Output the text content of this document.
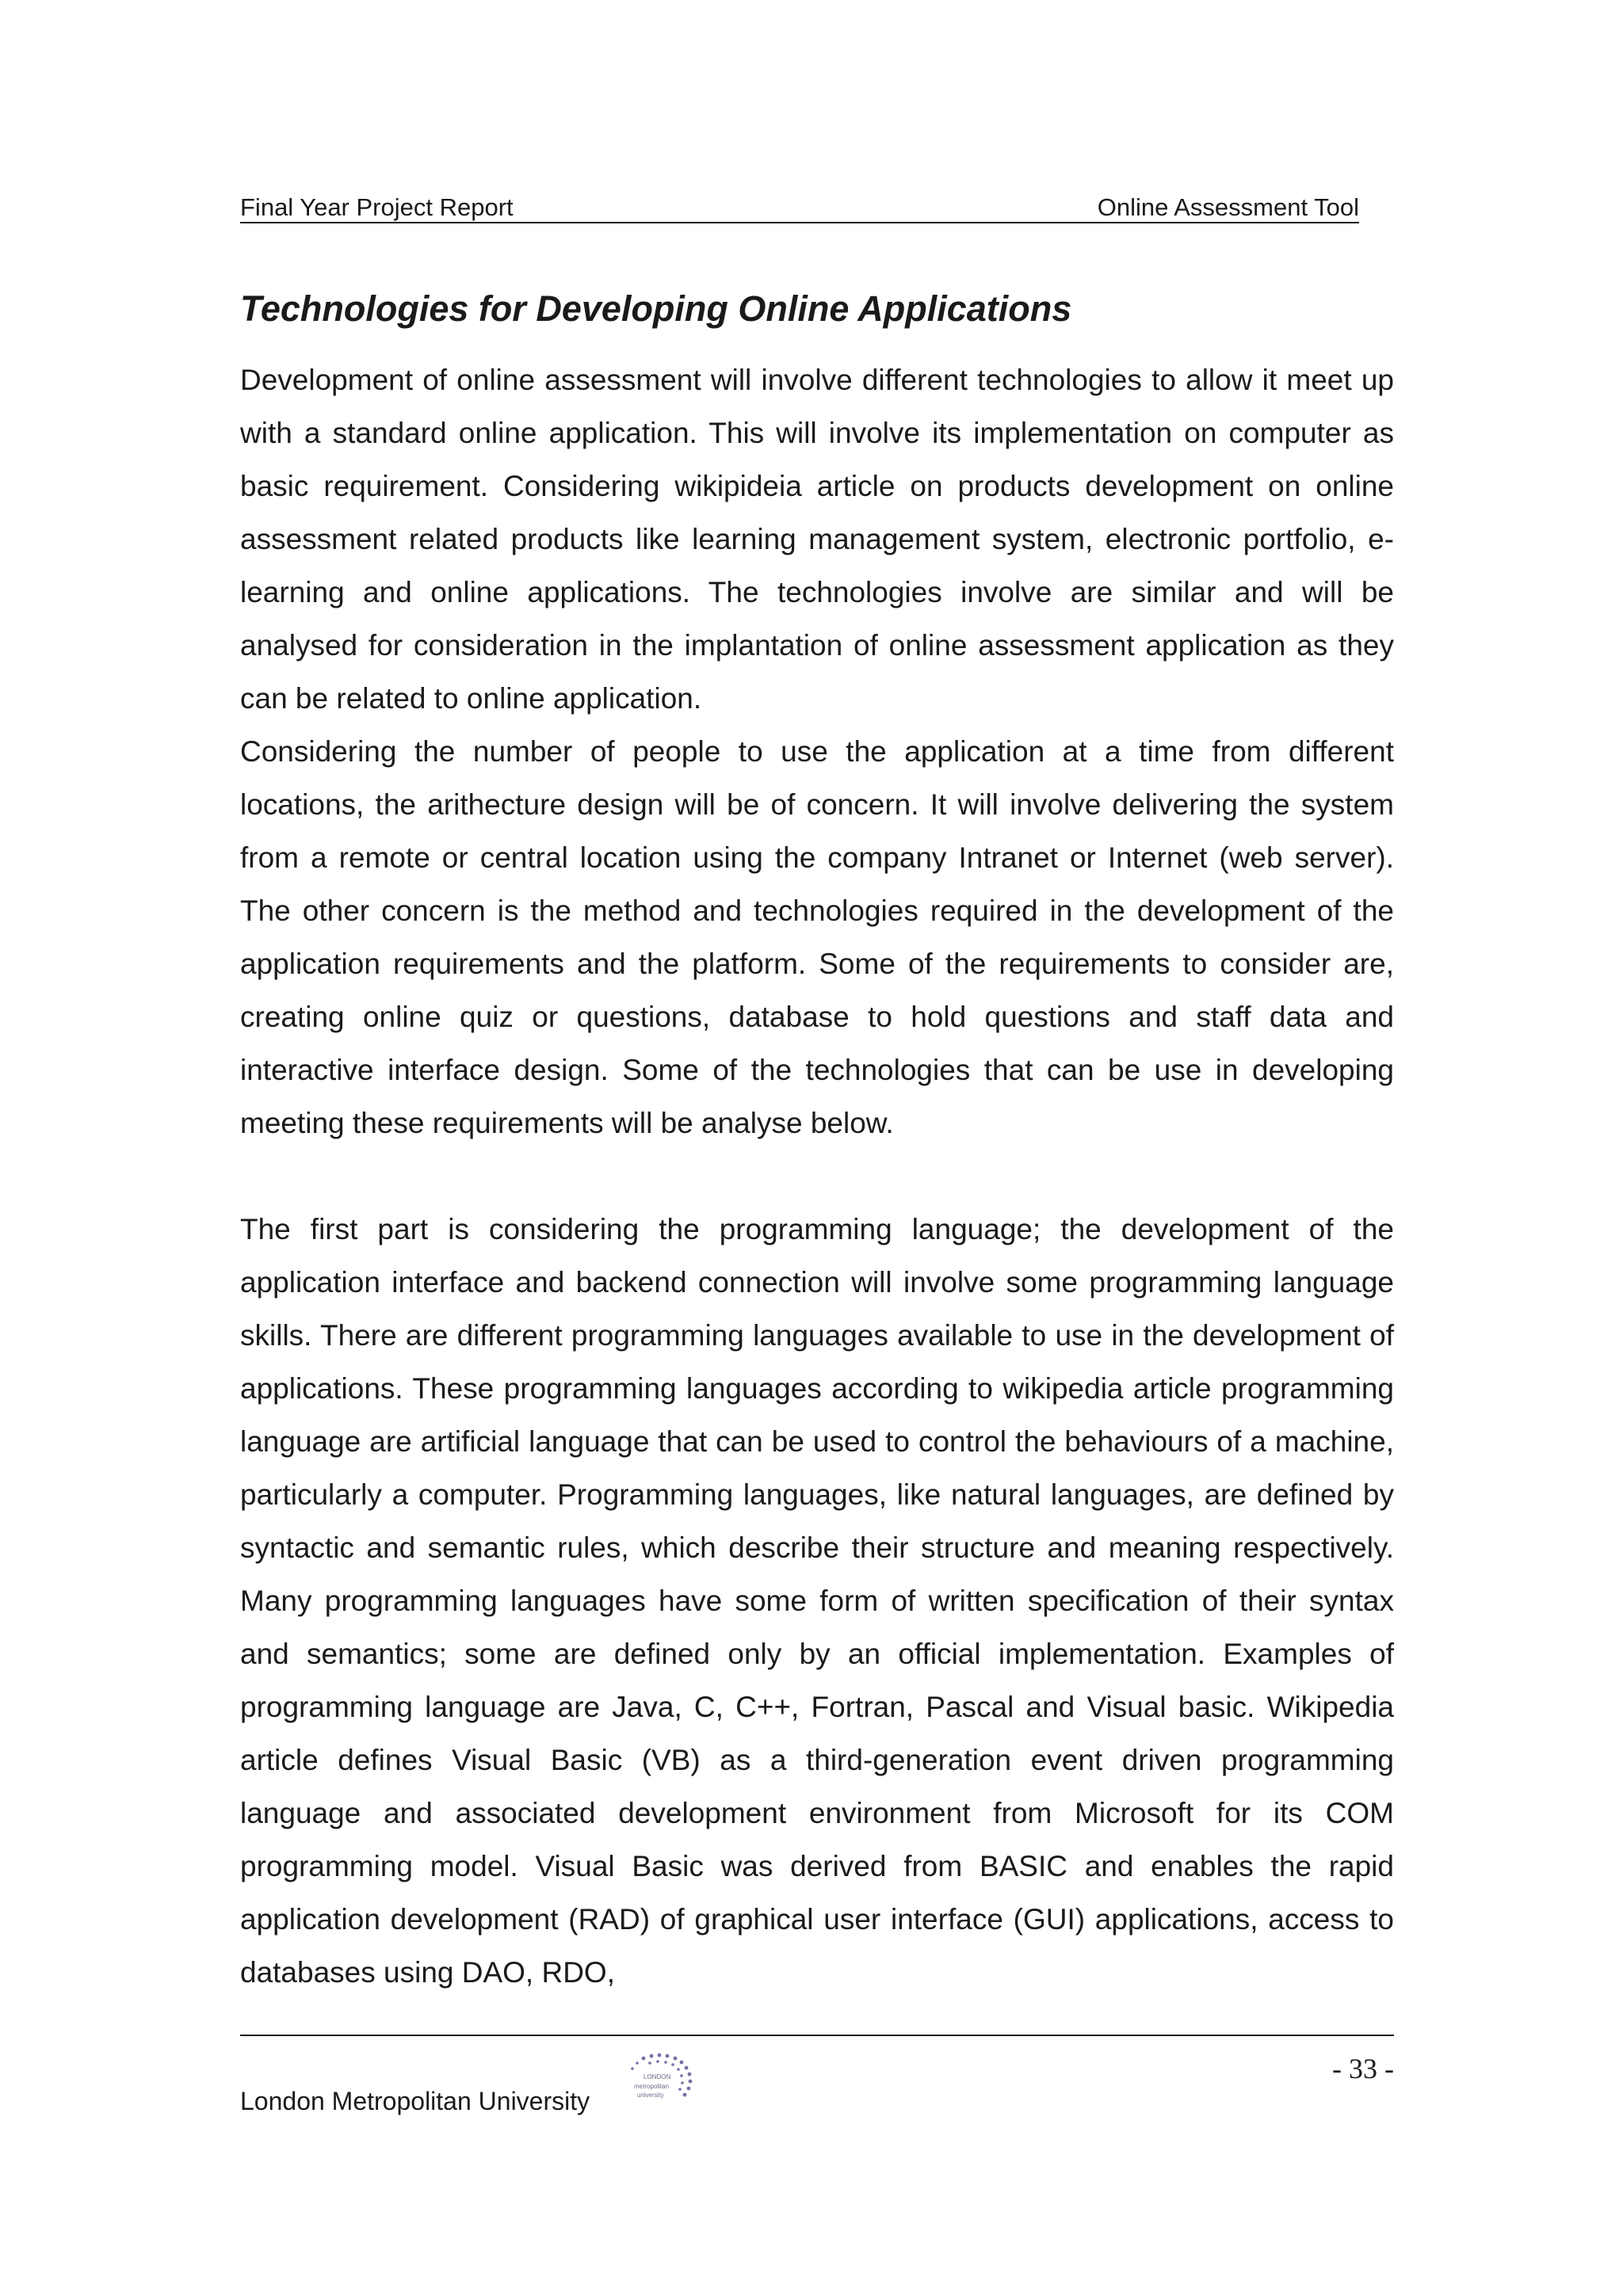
Final Year Project Report	Online Assessment Tool
Technologies for Developing Online Applications

Development of online assessment will involve different technologies to allow it meet up with a standard online application. This will involve its implementation on computer as basic requirement. Considering wikipideia article on products development on online assessment related products like learning management system, electronic portfolio, e-learning and online applications. The technologies involve are similar and will be analysed for consideration in the implantation of online assessment application as they can be related to online application.

Considering the number of people to use the application at a time from different locations, the arithecture design will be of concern. It will involve delivering the system from a remote or central location using the company Intranet or Internet (web server). The other concern is the method and technologies required in the development of the application requirements and the platform. Some of the requirements to consider are, creating online quiz or questions, database to hold questions and staff data and interactive interface design. Some of the technologies that can be use in developing meeting these requirements will be analyse below.

The first part is considering the programming language; the development of the application interface and backend connection will involve some programming language skills. There are different programming languages available to use in the development of applications. These programming languages according to wikipedia article programming language are artificial language that can be used to control the behaviours of a machine, particularly a computer. Programming languages, like natural languages, are defined by syntactic and semantic rules, which describe their structure and meaning respectively. Many programming languages have some form of written specification of their syntax and semantics; some are defined only by an official implementation. Examples of programming language are Java, C, C++, Fortran, Pascal and Visual basic. Wikipedia article defines Visual Basic (VB) as a third-generation event driven programming language and associated development environment from Microsoft for its COM programming model. Visual Basic was derived from BASIC and enables the rapid application development (RAD) of graphical user interface (GUI) applications, access to databases using DAO, RDO,

- 33 -
London Metropolitan University
LONDON
metropolitan
university
